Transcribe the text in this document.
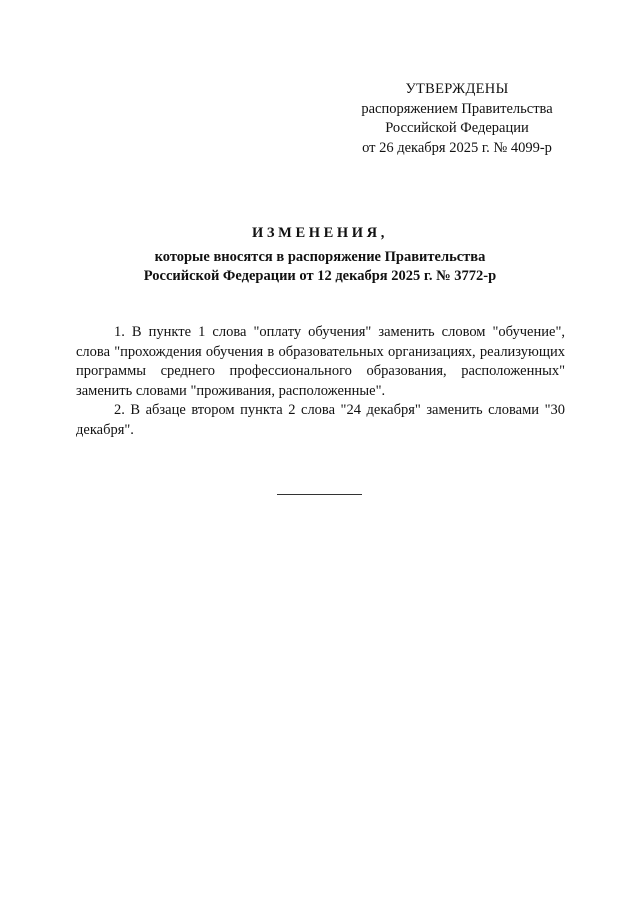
УТВЕРЖДЕНЫ
распоряжением Правительства
Российской Федерации
от 26 декабря 2025 г. № 4099-р
ИЗМЕНЕНИЯ,
которые вносятся в распоряжение Правительства
Российской Федерации от 12 декабря 2025 г. № 3772-р

1. В пункте 1 слова "оплату обучения" заменить словом "обучение", слова "прохождения обучения в образовательных организациях, реализующих программы среднего профессионального образования, расположенных" заменить словами "проживания, расположенные".

2. В абзаце втором пункта 2 слова "24 декабря" заменить словами "30 декабря".
